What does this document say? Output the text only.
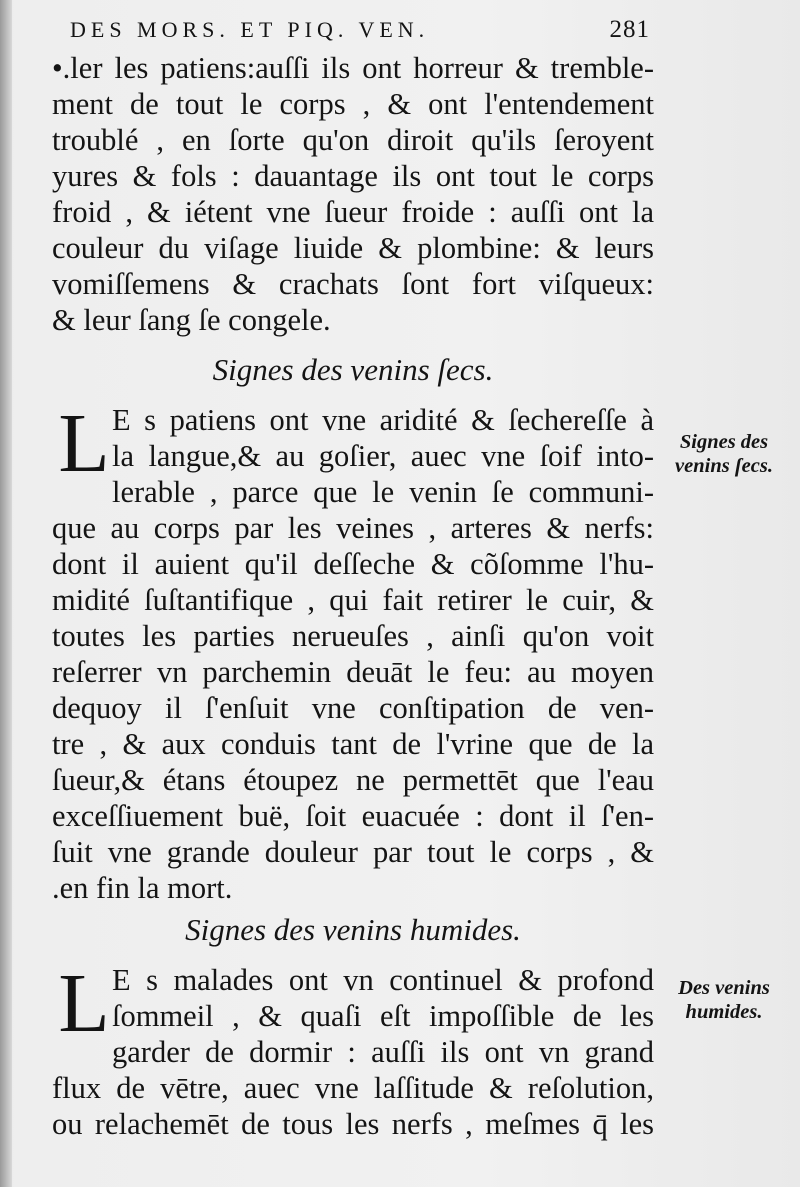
DES MORS. ET PIQ. VEN.	281
•.ler les patiens:auſſi ils ont horreur & tremble-
ment de tout le corps , & ont l'entendement
troublé , en ſorte qu'on diroit qu'ils ſeroyent
yures & fols : dauantage ils ont tout le corps
froid , & iétent vne ſueur froide : auſſi ont la
couleur du viſage liuide & plombine: & leurs
vomiſſemens & crachats ſont fort viſqueux:
& leur ſang ſe congele.
Signes des venins ſecs.
L E s patiens ont vne aridité & ſechereſſe à
la langue,& au goſier, auec vne ſoif into-
lerable , parce que le venin ſe communi-
que au corps par les veines , arteres & nerfs:
dont il auient qu'il deſſeche & cõſomme l'hu-
midité ſuſtantifique , qui fait retirer le cuir, &
toutes les parties nerueuſes , ainſi qu'on voit
reſerrer vn parchemin deuāt le feu: au moyen
dequoy il ſ'enſuit vne conſtipation de ven-
tre , & aux conduis tant de l'vrine que de la
ſueur,& étans étoupez ne permettēt que l'eau
exceſſiuement buë, ſoit euacuée : dont il ſ'en-
ſuit vne grande douleur par tout le corps , &
.en fin la mort.
Signes des
venins ſecs.
Signes des venins humides.
L E s malades ont vn continuel & profond
ſommeil , & quaſi eſt impoſſible de les
garder de dormir : auſſi ils ont vn grand
flux de vētre, auec vne laſſitude & reſolution,
ou relachemēt de tous les nerfs , meſmes q̄ les
Des venins
humides.
